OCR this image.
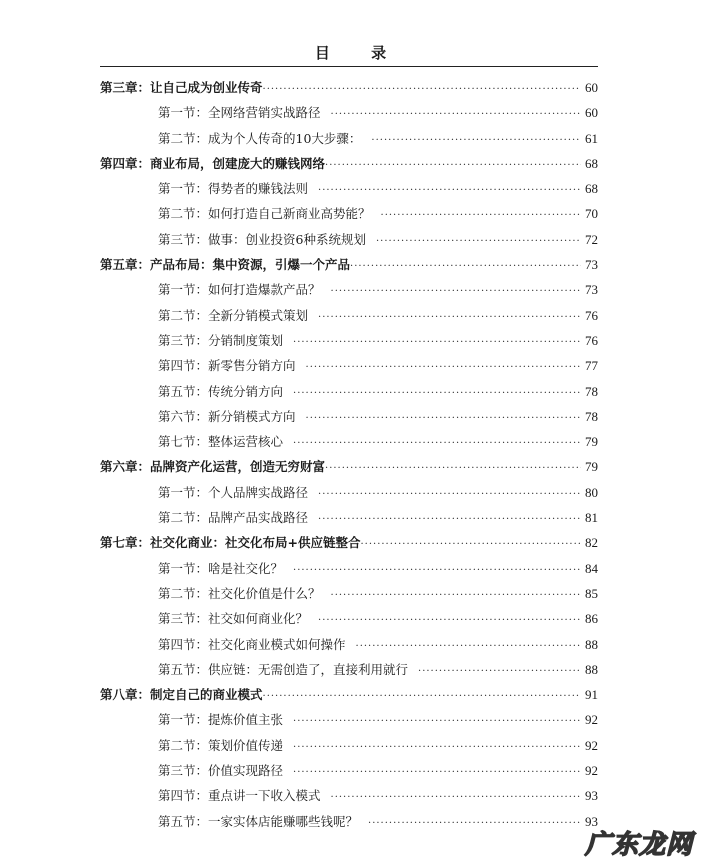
目 录
第三章：让自己成为创业传奇 ·····	60
第一节：全网络营销实战路径 ·····	60
第二节：成为个人传奇的10大步骤： ·····	61
第四章：商业布局，创建庞大的赚钱网络 ·····	68
第一节：得势者的赚钱法则 ·····	68
第二节：如何打造自己新商业高势能？ ·····	70
第三节：做事：创业投资6种系统规划 ·····	72
第五章：产品布局：集中资源，引爆一个产品 ·····	73
第一节：如何打造爆款产品？ ·····	73
第二节：全新分销模式策划 ·····	76
第三节：分销制度策划 ·····	76
第四节：新零售分销方向 ·····	77
第五节：传统分销方向 ·····	78
第六节：新分销模式方向 ·····	78
第七节：整体运营核心 ·····	79
第六章：品牌资产化运营，创造无穷财富 ·····	79
第一节：个人品牌实战路径 ·····	80
第二节：品牌产品实战路径 ·····	81
第七章：社交化商业：社交化布局+供应链整合 ·····	82
第一节：啥是社交化？ ·····	84
第二节：社交化价值是什么？ ·····	85
第三节：社交如何商业化？ ·····	86
第四节：社交化商业模式如何操作 ·····	88
第五节：供应链：无需创造了，直接利用就行 ·····	88
第八章：制定自己的商业模式 ·····	91
第一节：提炼价值主张 ·····	92
第二节：策划价值传递 ·····	92
第三节：价值实现路径 ·····	92
第四节：重点讲一下收入模式 ·····	93
第五节：一家实体店能赚哪些钱呢？ ·····	93
广东龙网
